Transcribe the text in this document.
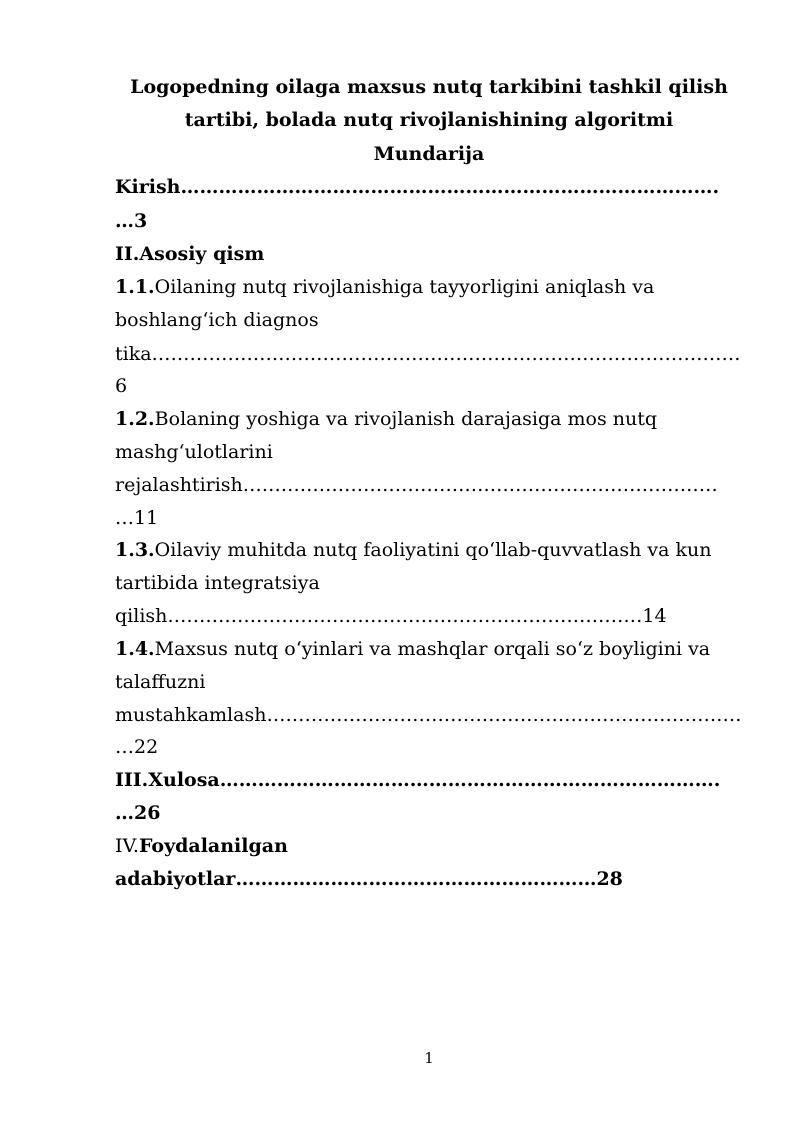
Logopedning oilaga maxsus nutq tarkibini tashkil qilish
tartibi, bolada nutq rivojlanishining algoritmi
Mundarija
Kirish………………………………………………………………………….
…3
II.Asosiy qism
1.1.Oilaning nutq rivojlanishiga tayyorligini aniqlash va
boshlang‘ich diagnos
tika…………………………………………………………………………………
6
1.2.Bolaning yoshiga va rivojlanish darajasiga mos nutq
mashg‘ulotlarini
rejalashtirish…………………………………………………………………
…11
1.3.Oilaviy muhitda nutq faoliyatini qo‘llab-quvvatlash va kun
tartibida integratsiya
qilish…………………………………………………………………14
1.4.Maxsus nutq o‘yinlari va mashqlar orqali so‘z boyligini va
talaffuzni
mustahkamlash…………………………………………………………………
…22
III.Xulosa…………………………………………………………………….
…26
IV.Foydalanilgan
adabiyotlar…………………………………………………28
1
